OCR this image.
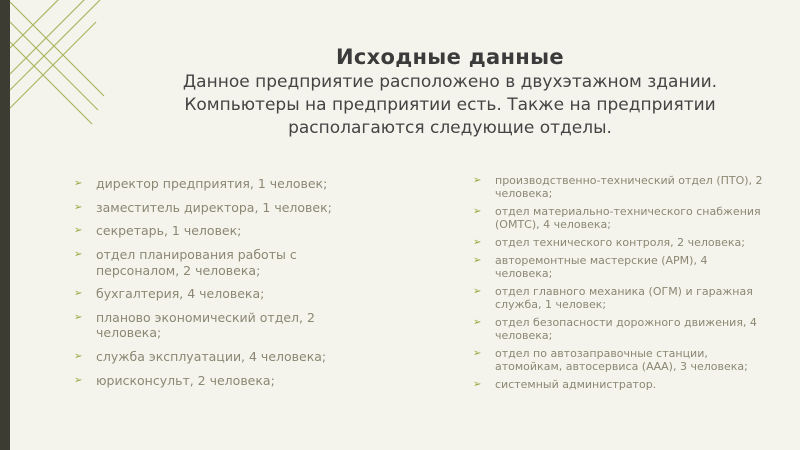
Исходные данные
Данное предприятие расположено в двухэтажном здании. Компьютеры на предприятии есть. Также на предприятии располагаются следующие отделы.
➢ директор предприятия, 1 человек;
➢ заместитель директора, 1 человек;
➢ секретарь, 1 человек;
➢ отдел планирования работы с персоналом, 2 человека;
➢ бухгалтерия, 4 человека;
➢ планово экономический отдел, 2 человека;
➢ служба эксплуатации, 4 человека;
➢ юрисконсульт, 2 человека;
➢ производственно-технический отдел (ПТО), 2 человека;
➢ отдел материально-технического снабжения (ОМТС), 4 человека;
➢ отдел технического контроля, 2 человека;
➢ авторемонтные мастерские (АРМ), 4 человека;
➢ отдел главного механика (ОГМ) и гаражная служба, 1 человек;
➢ отдел безопасности дорожного движения, 4 человека;
➢ отдел по автозаправочные станции, атомойкам, автосервиса (ААА), 3 человека;
➢ системный администратор.
